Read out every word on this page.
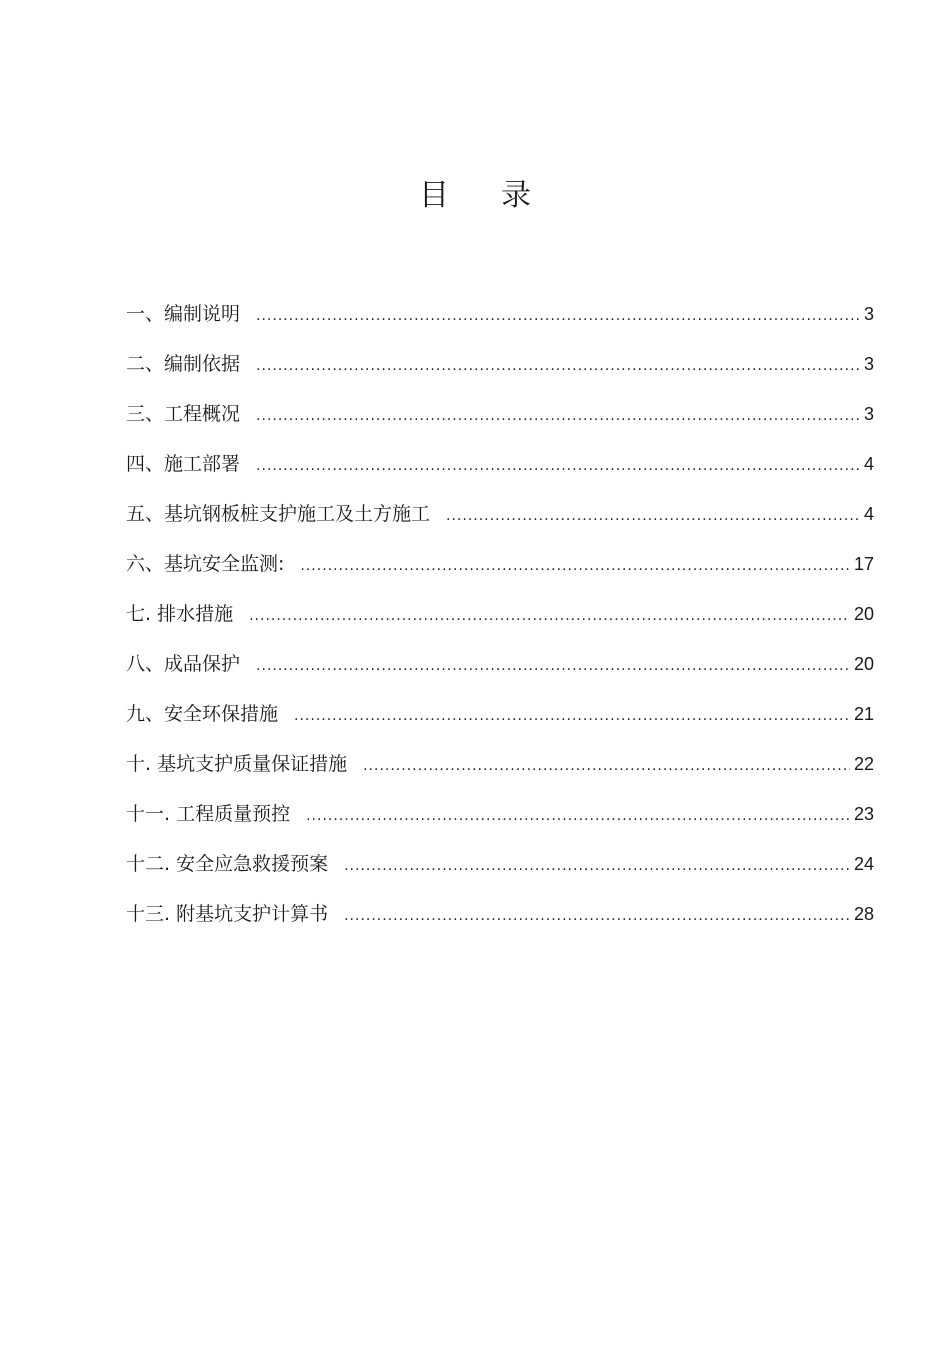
目 录
一、编制说明 .....	3
二、编制依据 .....	3
三、工程概况 .....	3
四、施工部署 .....	4
五、基坑钢板桩支护施工及土方施工 .....	4
六、基坑安全监测: .....	17
七. 排水措施 .....	20
八、成品保护 .....	20
九、安全环保措施 .....	21
十. 基坑支护质量保证措施 .....	22
十一. 工程质量预控 .....	23
十二. 安全应急救援预案 .....	24
十三. 附基坑支护计算书 .....	28
